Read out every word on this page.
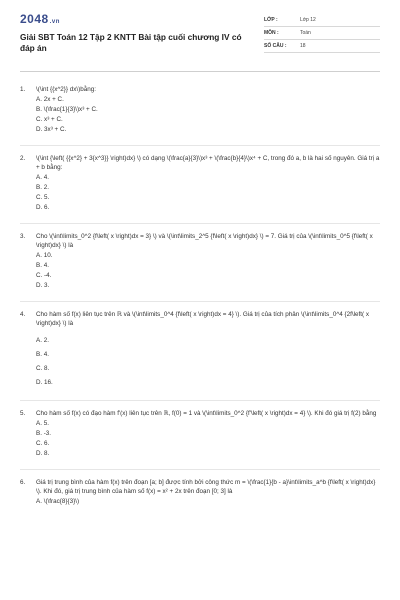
2048.vn
Giải SBT Toán 12 Tập 2 KNTT Bài tập cuối chương IV có đáp án
LỚP :	Lớp 12
MÔN :	Toán
SỐ CÂU :	18
1. \(\int {{x^2}} dx\)bằng:
A. 2x + C.
B. \(\frac{1}{3}\)x³ + C.
C. x³ + C.
D. 3x³ + C.
2. \(\int {\left( {{x^2} + 3{x^3}} \right)dx} \) có dạng \(\frac{a}{3}\)x³ + \(\frac{b}{4}\)x⁴ + C, trong đó a, b là hai số nguyên. Giá trị a + b bằng:
A. 4.
B. 2.
C. 5.
D. 6.
3. Cho \(\int\limits_0^2 {f\left( x \right)dx = 3} \) và \(\int\limits_2^5 {f\left( x \right)dx} \) = 7. Giá trị của \(\int\limits_0^5 {f\left( x \right)dx} \) là
A. 10.
B. 4.
C. -4.
D. 3.
4. Cho hàm số f(x) liên tục trên ℝ và \(\int\limits_0^4 {f\left( x \right)dx = 4} \). Giá trị của tích phân \(\int\limits_0^4 {2f\left( x \right)dx} \) là
A. 2.
B. 4.
C. 8.
D. 16.
5. Cho hàm số f(x) có đạo hàm f'(x) liên tục trên ℝ, f(0) = 1 và \(\int\limits_0^2 {f'\left( x \right)dx = 4} \). Khi đó giá trị f(2) bằng
A. 5.
B. -3.
C. 6.
D. 8.
6. Giá trị trung bình của hàm f(x) trên đoạn [a; b] được tính bởi công thức m = \(\frac{1}{b - a}\int\limits_a^b {f\left( x \right)dx} \). Khi đó, giá trị trung bình của hàm số f(x) = x² + 2x trên đoạn [0; 3] là
A. \(\frac{8}{3}\)
